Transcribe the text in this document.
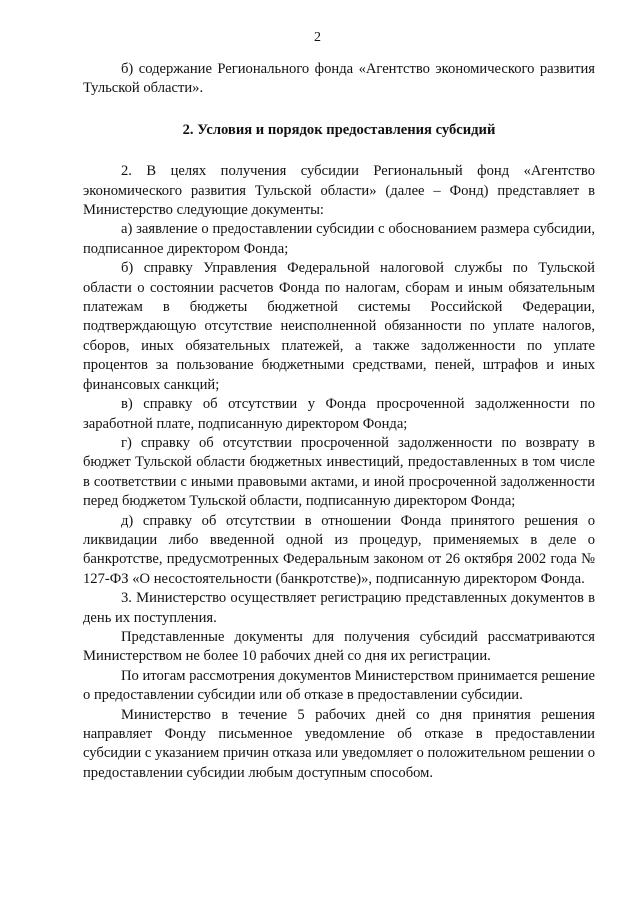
2

б) содержание Регионального фонда «Агентство экономического развития Тульской области».

2. Условия и порядок предоставления субсидий

2. В целях получения субсидии Региональный фонд «Агентство экономического развития Тульской области» (далее – Фонд) представляет в Министерство следующие документы:

а) заявление о предоставлении субсидии с обоснованием размера субсидии, подписанное директором Фонда;

б) справку Управления Федеральной налоговой службы по Тульской области о состоянии расчетов Фонда по налогам, сборам и иным обязательным платежам в бюджеты бюджетной системы Российской Федерации, подтверждающую отсутствие неисполненной обязанности по уплате налогов, сборов, иных обязательных платежей, а также задолженности по уплате процентов за пользование бюджетными средствами, пеней, штрафов и иных финансовых санкций;

в) справку об отсутствии у Фонда просроченной задолженности по заработной плате, подписанную директором Фонда;

г) справку об отсутствии просроченной задолженности по возврату в бюджет Тульской области бюджетных инвестиций, предоставленных в том числе в соответствии с иными правовыми актами, и иной просроченной задолженности перед бюджетом Тульской области, подписанную директором Фонда;

д) справку об отсутствии в отношении Фонда принятого решения о ликвидации либо введенной одной из процедур, применяемых в деле о банкротстве, предусмотренных Федеральным законом от 26 октября 2002 года № 127-ФЗ «О несостоятельности (банкротстве)», подписанную директором Фонда.

3. Министерство осуществляет регистрацию представленных документов в день их поступления.

Представленные документы для получения субсидий рассматриваются Министерством не более 10 рабочих дней со дня их регистрации.

По итогам рассмотрения документов Министерством принимается решение о предоставлении субсидии или об отказе в предоставлении субсидии.

Министерство в течение 5 рабочих дней со дня принятия решения направляет Фонду письменное уведомление об отказе в предоставлении субсидии с указанием причин отказа или уведомляет о положительном решении о предоставлении субсидии любым доступным способом.
